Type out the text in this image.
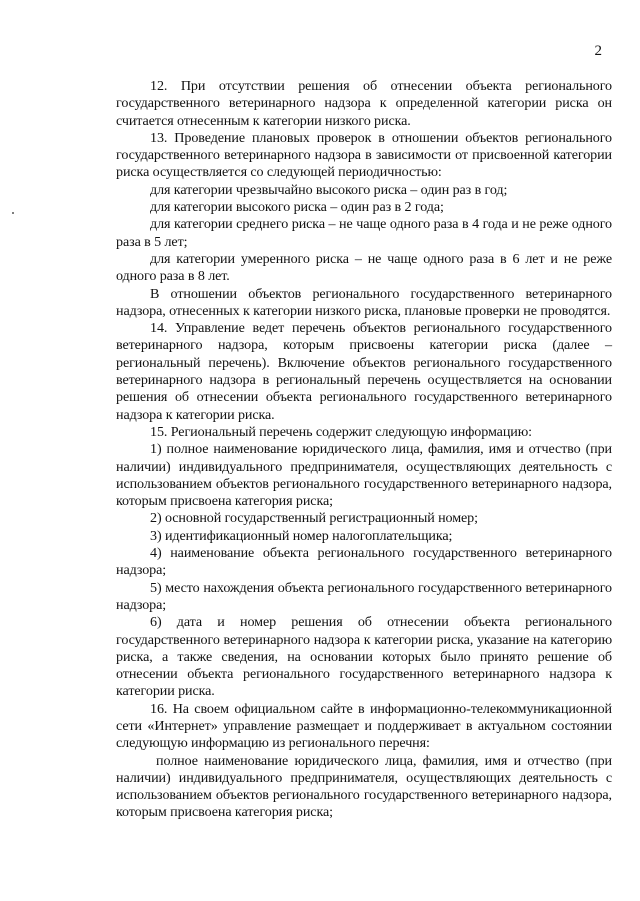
2

12. При отсутствии решения об отнесении объекта регионального государственного ветеринарного надзора к определенной категории риска он считается отнесенным к категории низкого риска.

13. Проведение плановых проверок в отношении объектов регионального государственного ветеринарного надзора в зависимости от присвоенной категории риска осуществляется со следующей периодичностью:

для категории чрезвычайно высокого риска – один раз в год;

для категории высокого риска – один раз в 2 года;

для категории среднего риска – не чаще одного раза в 4 года и не реже одного раза в 5 лет;

для категории умеренного риска – не чаще одного раза в 6 лет и не реже одного раза в 8 лет.

В отношении объектов регионального государственного ветеринарного надзора, отнесенных к категории низкого риска, плановые проверки не проводятся.

14. Управление ведет перечень объектов регионального государственного ветеринарного надзора, которым присвоены категории риска (далее – региональный перечень). Включение объектов регионального государственного ветеринарного надзора в региональный перечень осуществляется на основании решения об отнесении объекта регионального государственного ветеринарного надзора к категории риска.

15. Региональный перечень содержит следующую информацию:

1) полное наименование юридического лица, фамилия, имя и отчество (при наличии) индивидуального предпринимателя, осуществляющих деятельность с использованием объектов регионального государственного ветеринарного надзора, которым присвоена категория риска;

2) основной государственный регистрационный номер;

3) идентификационный номер налогоплательщика;

4) наименование объекта регионального государственного ветеринарного надзора;

5) место нахождения объекта регионального государственного ветеринарного надзора;

6) дата и номер решения об отнесении объекта регионального государственного ветеринарного надзора к категории риска, указание на категорию риска, а также сведения, на основании которых было принято решение об отнесении объекта регионального государственного ветеринарного надзора к категории риска.

16. На своем официальном сайте в информационно-телекоммуникационной сети «Интернет» управление размещает и поддерживает в актуальном состоянии следующую информацию из регионального перечня:

полное наименование юридического лица, фамилия, имя и отчество (при наличии) индивидуального предпринимателя, осуществляющих деятельность с использованием объектов регионального государственного ветеринарного надзора, которым присвоена категория риска;
